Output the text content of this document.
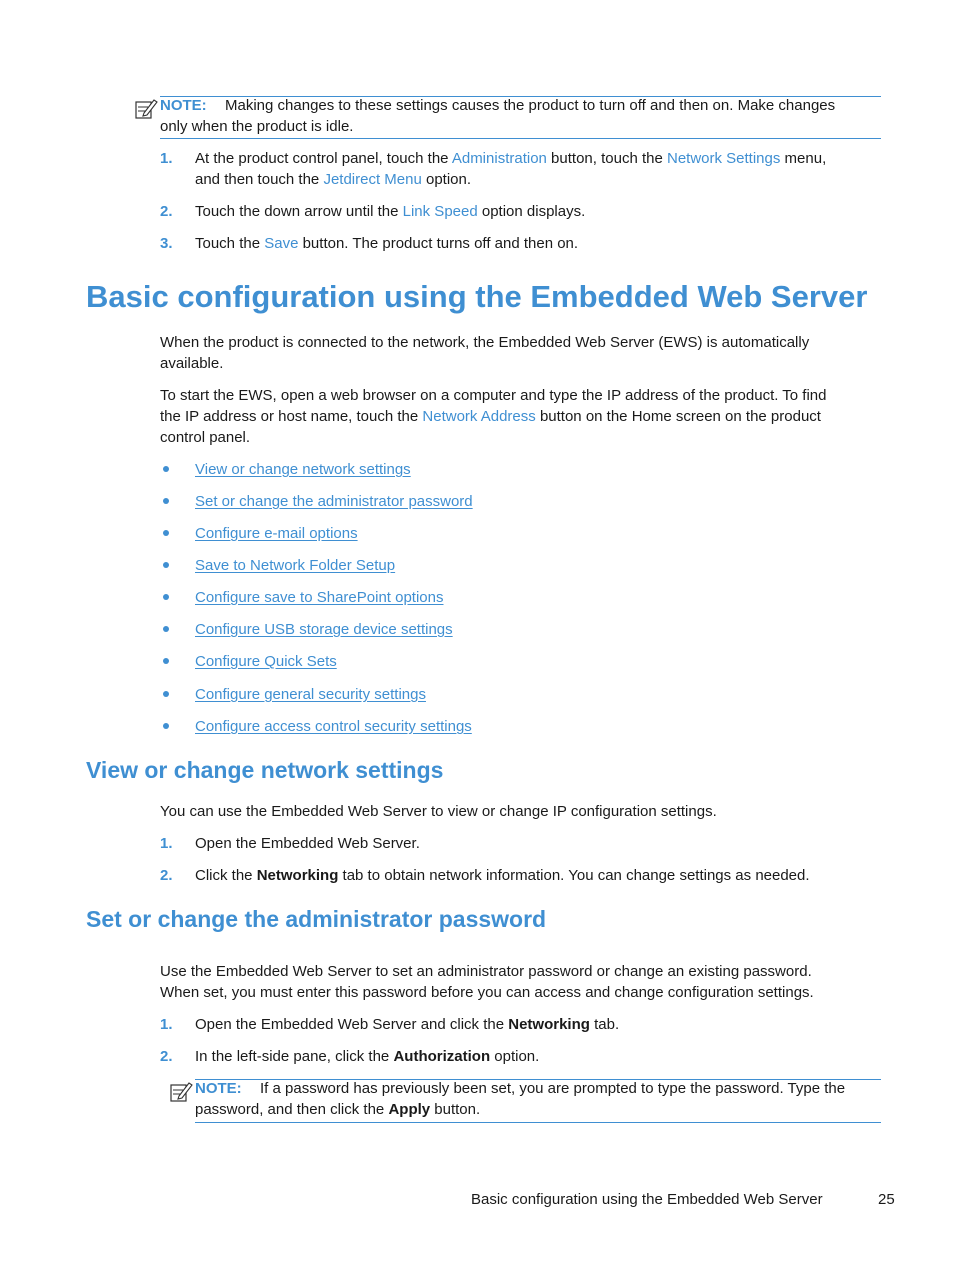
NOTE: Making changes to these settings causes the product to turn off and then on. Make changes
only when the product is idle.
1. At the product control panel, touch the Administration button, touch the Network Settings menu,
and then touch the Jetdirect Menu option.
2. Touch the down arrow until the Link Speed option displays.
3. Touch the Save button. The product turns off and then on.
Basic configuration using the Embedded Web Server
When the product is connected to the network, the Embedded Web Server (EWS) is automatically
available.
To start the EWS, open a web browser on a computer and type the IP address of the product. To find
the IP address or host name, touch the Network Address button on the Home screen on the product
control panel.
View or change network settings
Set or change the administrator password
Configure e-mail options
Save to Network Folder Setup
Configure save to SharePoint options
Configure USB storage device settings
Configure Quick Sets
Configure general security settings
Configure access control security settings
View or change network settings
You can use the Embedded Web Server to view or change IP configuration settings.
1. Open the Embedded Web Server.
2. Click the Networking tab to obtain network information. You can change settings as needed.
Set or change the administrator password
Use the Embedded Web Server to set an administrator password or change an existing password.
When set, you must enter this password before you can access and change configuration settings.
1. Open the Embedded Web Server and click the Networking tab.
2. In the left-side pane, click the Authorization option.
NOTE: If a password has previously been set, you are prompted to type the password. Type the
password, and then click the Apply button.
Basic configuration using the Embedded Web Server	25
